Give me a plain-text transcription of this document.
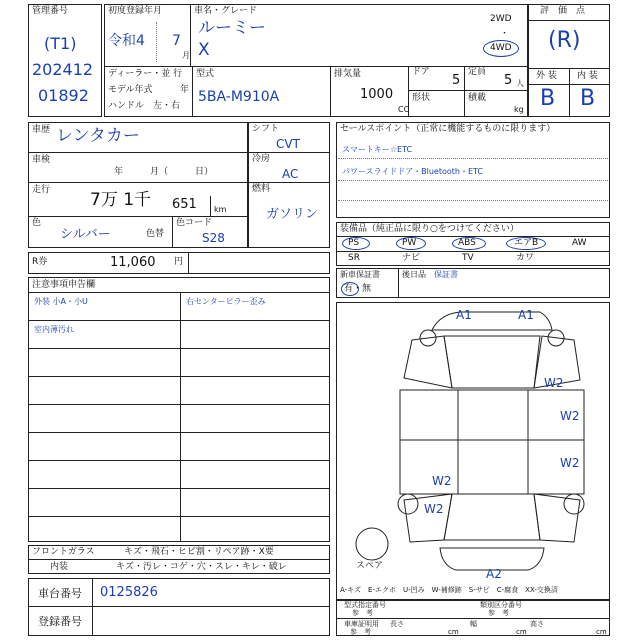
管理番号
(T1)
202412
01892
初度登録年月
令和4 7
月
車名・グレード
ルーミー
X
2WD
・
4WD
ディーラー・並 行
モデル年式	年
ハンドル　左・右
型式
5BA-M910A
排気量
1000
CC
ドア
5
定員
5 人
形状	積載
kg
評　価　点
(R)
外 装 内 装
B B
車歴 レンタカー
車検
年　　　月（　　　日）
走行 7万 1千 651 km
色
シルバー	色替
色コード
S28
シフト
CVT
冷房
AC
燃料
ガソリン
セールスポイント（正常に機能するものに限ります）
スマートキー☆ETC
パワースライドドア・Bluetooth・ETC
装備品（純正品に限り○をつけてください）
PS	PW	ABS	エアB	AW
SR	ナビ	TV	カワ
新車保証書
有・無
後日品 保証書
R券	11,060 円
注意事項申告欄
外装 小A・小U	右センターピラー歪み
室内薄汚れ
A1	A1
W2
W2
W2
W2
W2
A2
スペア
A-キズ　E-エクボ　U-凹み　W-補修跡　S-サビ　C-腐食　XX-交換済
フロントガラス	キズ・飛石・ヒビ割・リペア跡・X要
内装	キズ・汚レ・コゲ・穴・スレ・キレ・破レ
車台番号 0125826
登録番号
型式指定番号
参　考
類別区分番号
参　考
車庫証明用
参　考
長さ
cm
幅
cm
高さ
cm
